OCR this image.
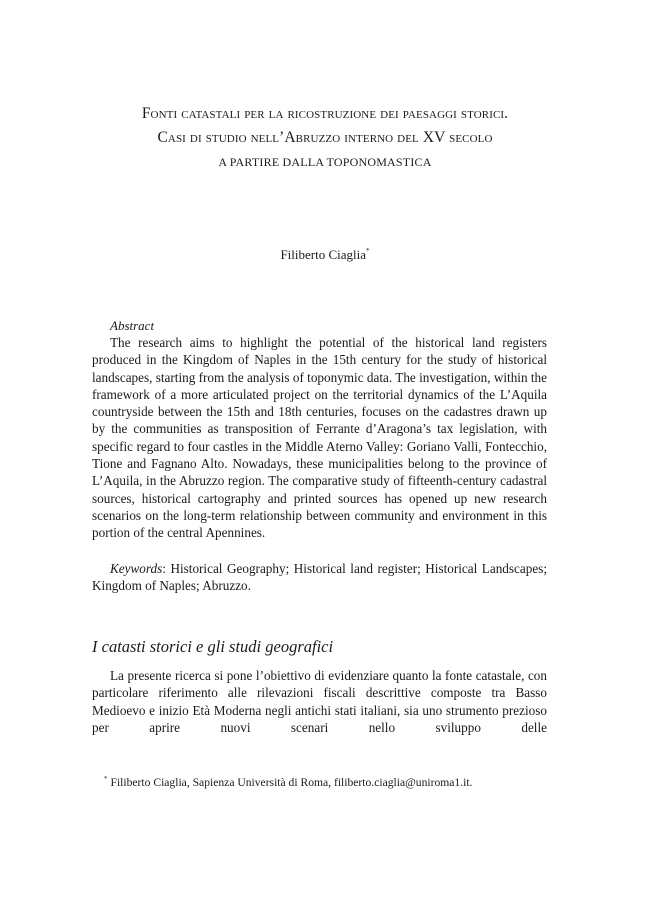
Fonti catastali per la ricostruzione dei paesaggi storici.
Casi di studio nell’Abruzzo interno del XV secolo
A PARTIRE DALLA TOPONOMASTICA
Filiberto Ciaglia*
Abstract

The research aims to highlight the potential of the historical land registers produced in the Kingdom of Naples in the 15th century for the study of historical landscapes, starting from the analysis of toponymic data. The investigation, within the framework of a more articulated project on the territorial dynamics of the L’Aquila countryside between the 15th and 18th centuries, focuses on the cadastres drawn up by the communities as transposition of Ferrante d’Aragona’s tax legislation, with specific regard to four castles in the Middle Aterno Valley: Goriano Valli, Fontecchio, Tione and Fagnano Alto. Nowadays, these municipalities belong to the province of L’Aquila, in the Abruzzo region. The comparative study of fifteenth-century cadastral sources, historical cartography and printed sources has opened up new research scenarios on the long-term relationship between community and environment in this portion of the central Apennines.

Keywords: Historical Geography; Historical land register; Historical Landscapes; Kingdom of Naples; Abruzzo.

I catasti storici e gli studi geografici

La presente ricerca si pone l’obiettivo di evidenziare quanto la fonte catastale, con particolare riferimento alle rilevazioni fiscali descrittive composte tra Basso Medioevo e inizio Età Moderna negli antichi stati italiani, sia uno strumento prezioso per aprire nuovi scenari nello sviluppo delle

* Filiberto Ciaglia, Sapienza Università di Roma, filiberto.ciaglia@uniroma1.it.
